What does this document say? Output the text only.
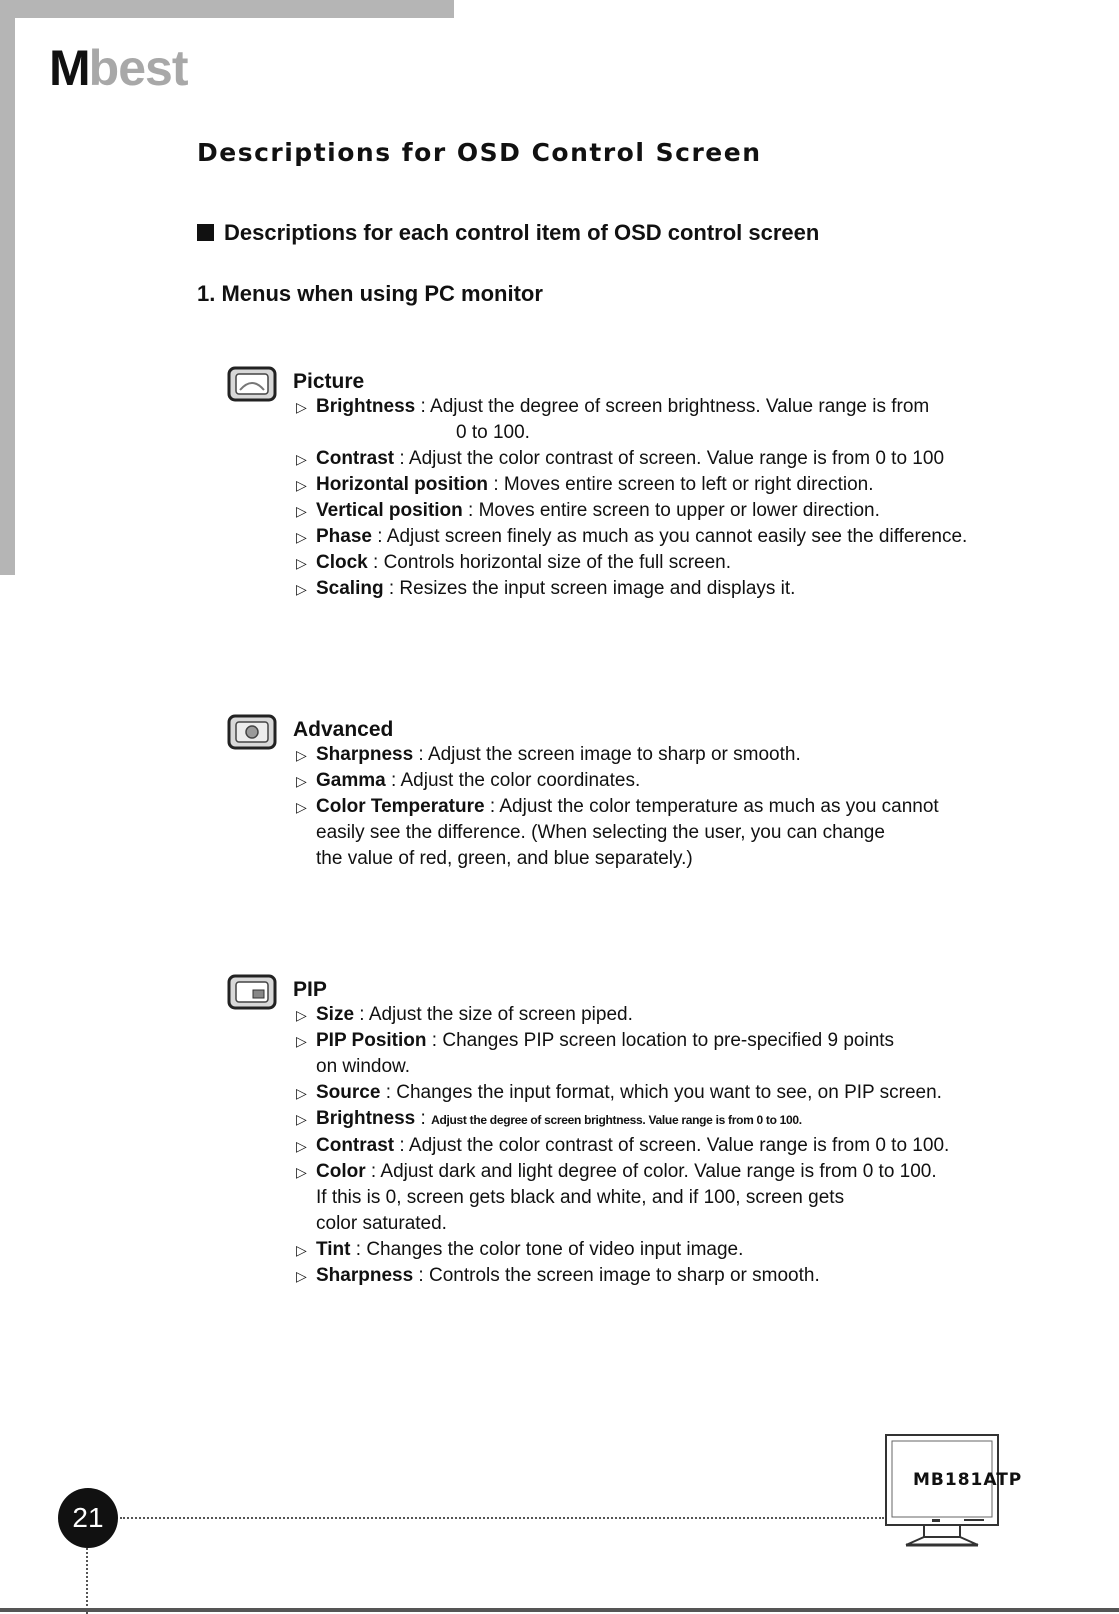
Mbest
Descriptions for OSD Control Screen
Descriptions for each control item of OSD control screen
1. Menus when using PC monitor
Picture
▷ Brightness : Adjust the degree of screen brightness. Value range is from
0 to 100.
▷ Contrast : Adjust the color contrast of screen. Value range is from 0 to 100
▷ Horizontal position : Moves entire screen to left or right direction.
▷ Vertical position : Moves entire screen to upper or lower direction.
▷ Phase : Adjust screen finely as much as you cannot easily see the difference.
▷ Clock : Controls horizontal size of the full screen.
▷ Scaling : Resizes the input screen image and displays it.
Advanced
▷ Sharpness : Adjust the screen image to sharp or smooth.
▷ Gamma : Adjust the color coordinates.
▷ Color Temperature : Adjust the color temperature as much as you cannot
easily see the difference. (When selecting the user, you can change
the value of red, green, and blue separately.)
PIP
▷ Size : Adjust the size of screen piped.
▷ PIP Position : Changes PIP screen location to pre-specified 9 points
on window.
▷ Source : Changes the input format, which you want to see, on PIP screen.
▷ Brightness : Adjust the degree of screen brightness. Value range is from 0 to 100.
▷ Contrast : Adjust the color contrast of screen. Value range is from 0 to 100.
▷ Color : Adjust dark and light degree of color. Value range is from 0 to 100.
If this is 0, screen gets black and white, and if 100, screen gets
color saturated.
▷ Tint : Changes the color tone of video input image.
▷ Sharpness : Controls the screen image to sharp or smooth.
MB181ATP
21
